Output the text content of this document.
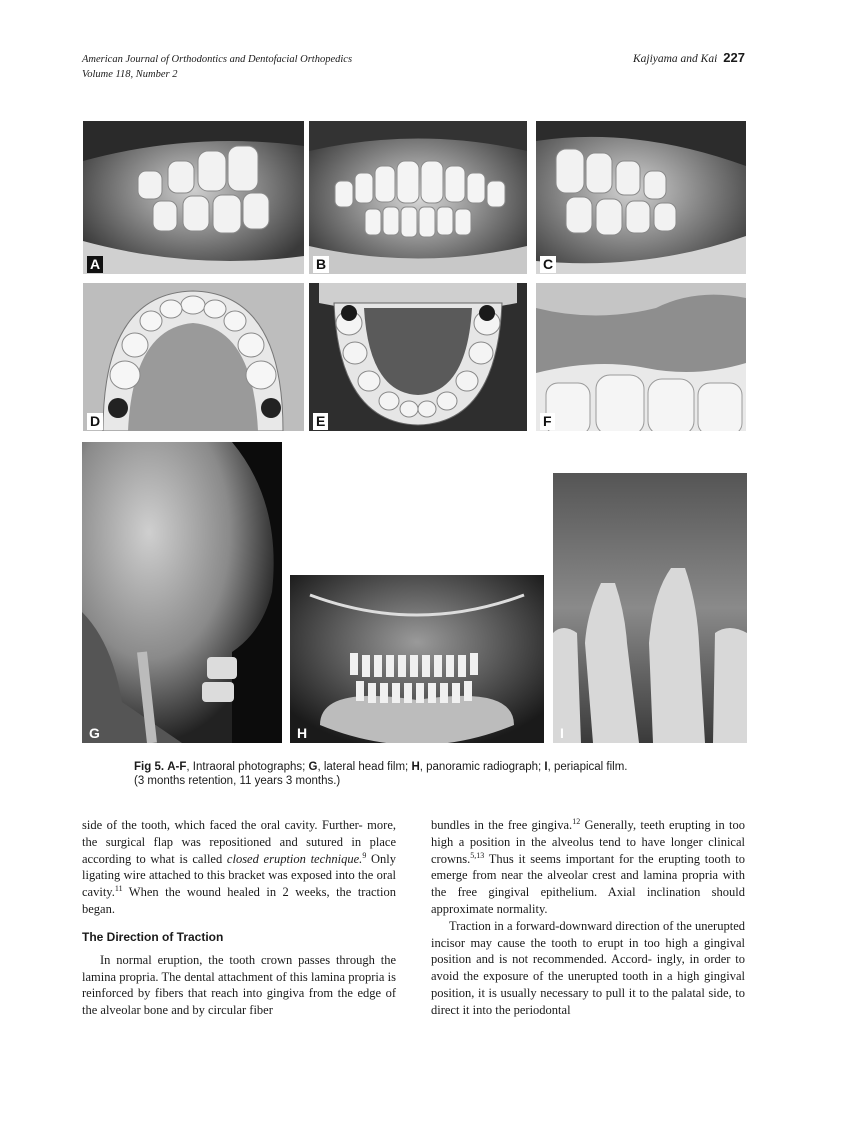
American Journal of Orthodontics and Dentofacial Orthopedics
Volume 118, Number 2
Kajiyama and Kai 227
A	B	C
D	E	F
G	H	I
Fig 5. A-F, Intraoral photographs; G, lateral head film; H, panoramic radiograph; I, periapical film.
(3 months retention, 11 years 3 months.)

side of the tooth, which faced the oral cavity. Further- more, the surgical flap was repositioned and sutured in place according to what is called closed eruption technique.$^9$ Only ligating wire attached to this bracket was exposed into the oral cavity.$^{11}$ When the wound healed in 2 weeks, the traction began.

The Direction of Traction

In normal eruption, the tooth crown passes through the lamina propria. The dental attachment of this lamina propria is reinforced by fibers that reach into gingiva from the edge of the alveolar bone and by circular fiber

bundles in the free gingiva.$^{12}$ Generally, teeth erupting in too high a position in the alveolus tend to have longer clinical crowns.$^{5,13}$ Thus it seems important for the erupting tooth to emerge from near the alveolar crest and lamina propria with the free gingival epithelium. Axial inclination should approximate normality.

Traction in a forward-downward direction of the unerupted incisor may cause the tooth to erupt in too high a gingival position and is not recommended. Accord- ingly, in order to avoid the exposure of the unerupted tooth in a high gingival position, it is usually necessary to pull it to the palatal side, to direct it into the periodontal
